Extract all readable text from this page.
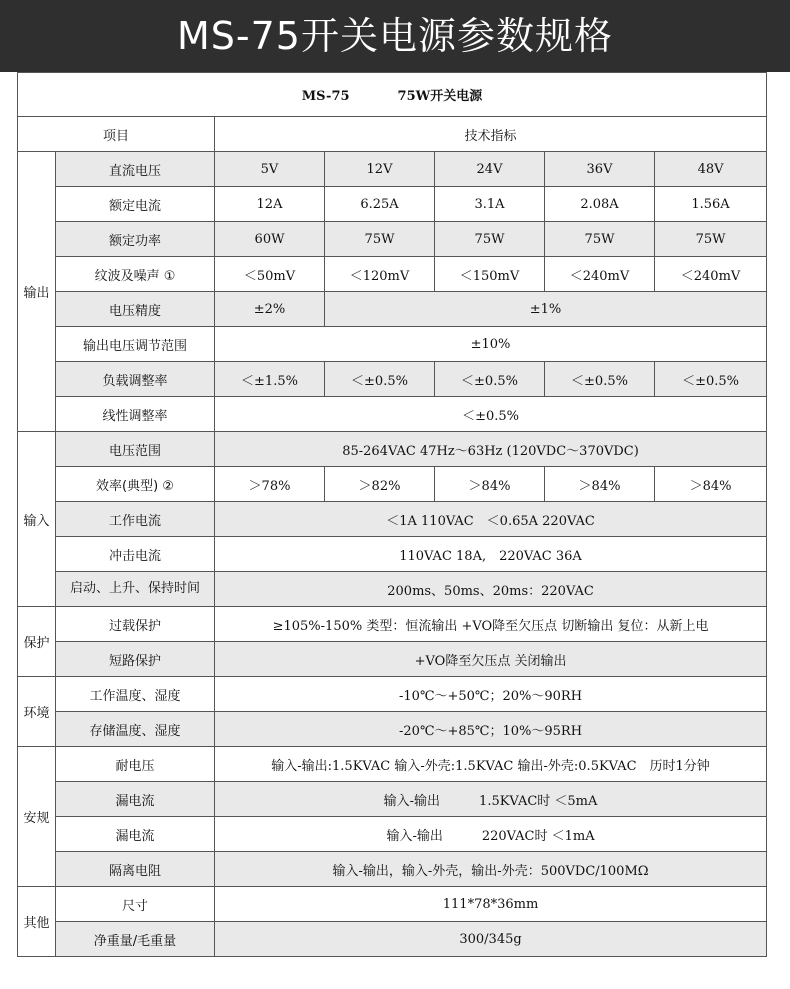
MS-75开关电源参数规格
MS-75 75W开关电源						
项目		技术指标				
输出	直流电压	5V	12V	24V	36V	48V
	额定电流	12A	6.25A	3.1A	2.08A	1.56A
	额定功率	60W	75W	75W	75W	75W
	纹波及噪声 ①	＜50mV	＜120mV	＜150mV	＜240mV	＜240mV
	电压精度	±2%	±1%			
	输出电压调节范围	±10%				
	负载调整率	＜±1.5%	＜±0.5%	＜±0.5%	＜±0.5%	＜±0.5%
	线性调整率	＜±0.5%				
输入	电压范围	85-264VAC 47Hz～63Hz (120VDC～370VDC)				
	效率(典型) ②	＞78%	＞82%	＞84%	＞84%	＞84%
	工作电流	＜1A 110VAC　＜0.65A 220VAC				
	冲击电流	110VAC 18A,　220VAC 36A				
	启动、上升、保持时间	200ms、50ms、20ms：220VAC				
保护	过载保护	≥105%-150% 类型：恒流输出 +VO降至欠压点 切断输出 复位：从新上电				
	短路保护	+VO降至欠压点 关闭输出				
环境	工作温度、湿度	-10℃～+50℃；20%～90RH				
	存储温度、湿度	-20℃～+85℃；10%～95RH				
安规	耐电压	输入-输出:1.5KVAC 输入-外壳:1.5KVAC 输出-外壳:0.5KVAC　历时1分钟				
	漏电流	输入-输出　　　1.5KVAC时 ＜5mA				
	漏电流	输入-输出　　　220VAC时 ＜1mA				
	隔离电阻	输入-输出，输入-外壳，输出-外壳：500VDC/100MΩ				
其他	尺寸	111*78*36mm				
	净重量/毛重量	300/345g				
